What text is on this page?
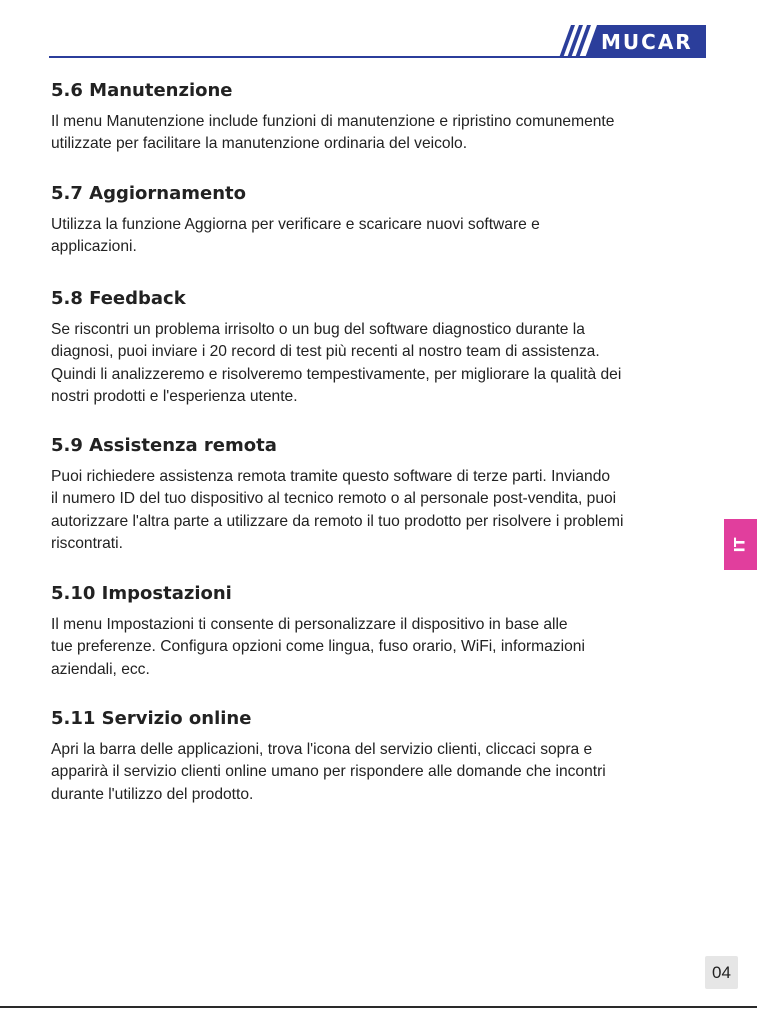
MUCAR
5.6 Manutenzione

Il menu Manutenzione include funzioni di manutenzione e ripristino comunemente
utilizzate per facilitare la manutenzione ordinaria del veicolo.

5.7 Aggiornamento

Utilizza la funzione Aggiorna per verificare e scaricare nuovi software e
applicazioni.

5.8 Feedback

Se riscontri un problema irrisolto o un bug del software diagnostico durante la
diagnosi, puoi inviare i 20 record di test più recenti al nostro team di assistenza.
Quindi li analizzeremo e risolveremo tempestivamente, per migliorare la qualità dei
nostri prodotti e l'esperienza utente.

5.9 Assistenza remota

Puoi richiedere assistenza remota tramite questo software di terze parti. Inviando
il numero ID del tuo dispositivo al tecnico remoto o al personale post-vendita, puoi
autorizzare l'altra parte a utilizzare da remoto il tuo prodotto per risolvere i problemi
riscontrati.

5.10 Impostazioni

Il menu Impostazioni ti consente di personalizzare il dispositivo in base alle
tue preferenze. Configura opzioni come lingua, fuso orario, WiFi, informazioni
aziendali, ecc.

5.11 Servizio online

Apri la barra delle applicazioni, trova l'icona del servizio clienti, cliccaci sopra e
apparirà il servizio clienti online umano per rispondere alle domande che incontri
durante l'utilizzo del prodotto.

IT
04
